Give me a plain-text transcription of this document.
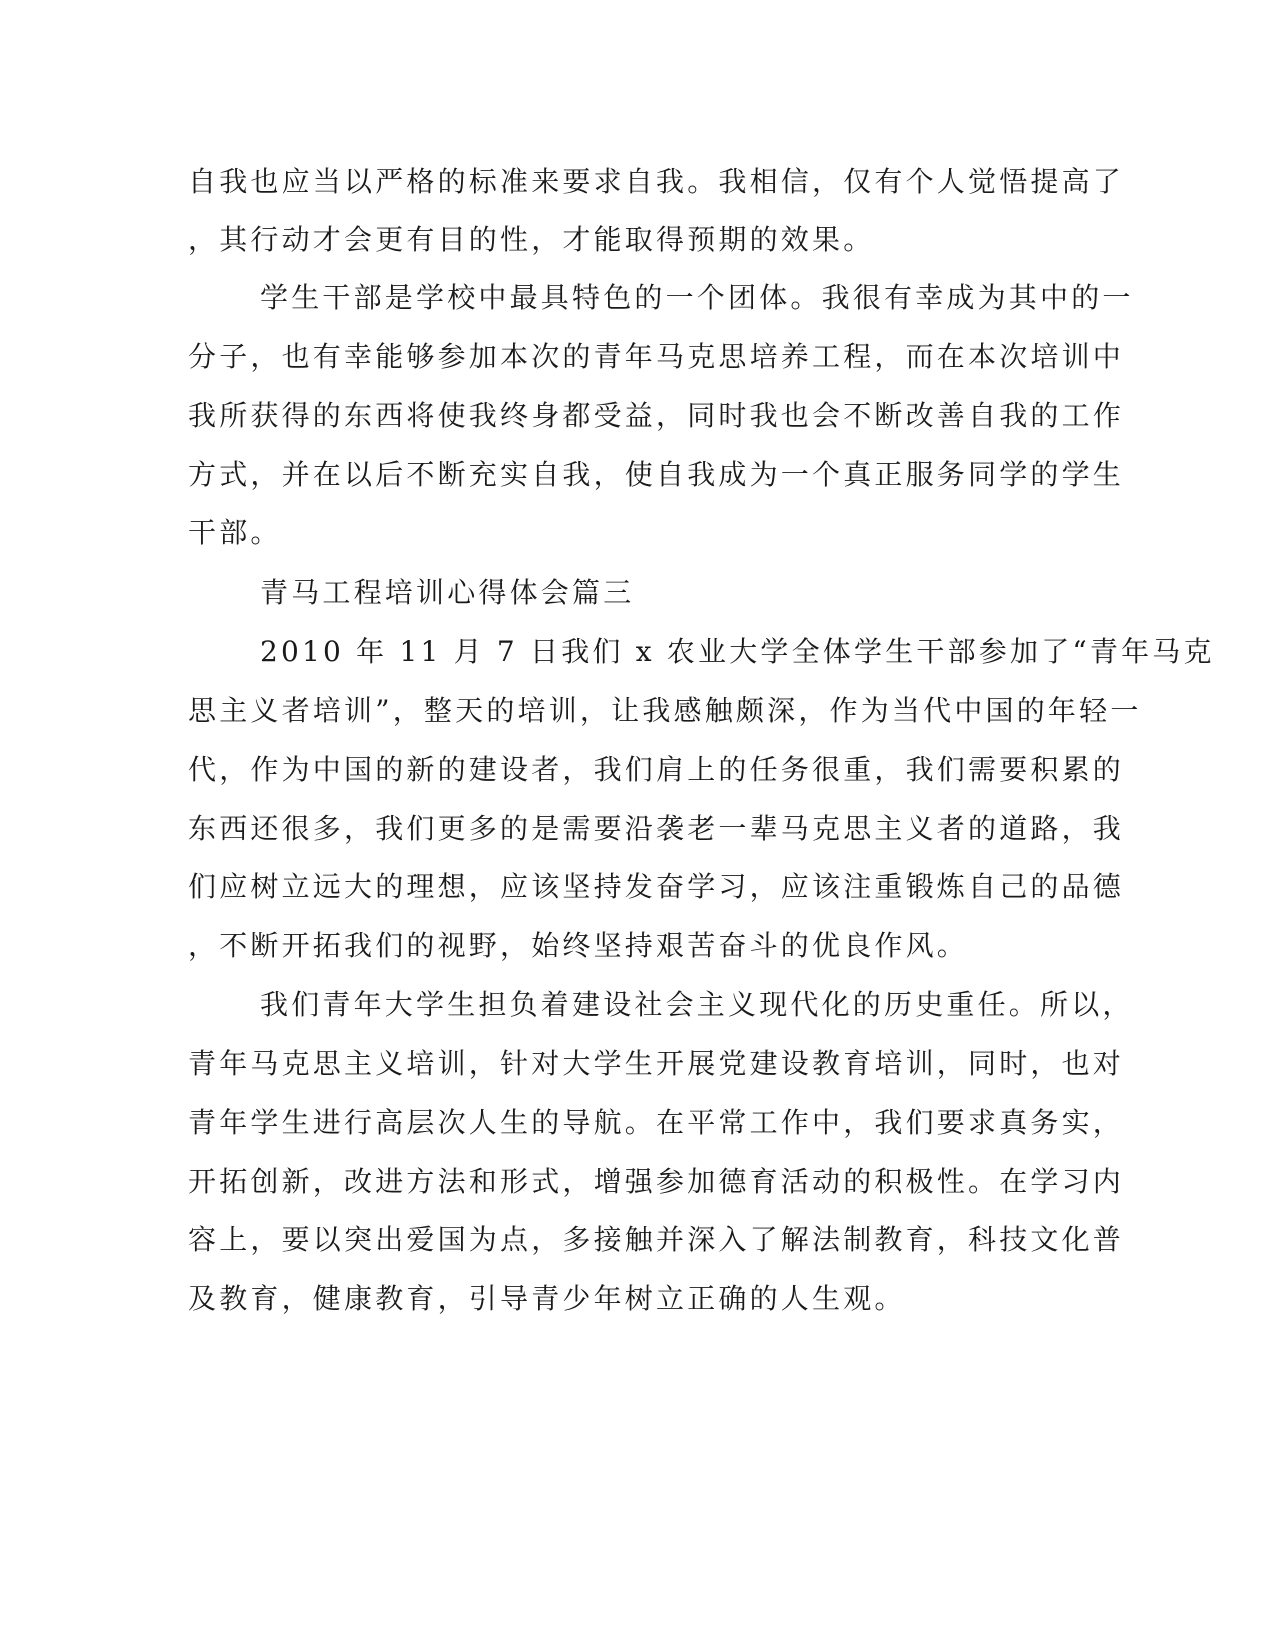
自我也应当以严格的标准来要求自我。我相信，仅有个人觉悟提高了
，其行动才会更有目的性，才能取得预期的效果。
学生干部是学校中最具特色的一个团体。我很有幸成为其中的一
分子，也有幸能够参加本次的青年马克思培养工程，而在本次培训中
我所获得的东西将使我终身都受益，同时我也会不断改善自我的工作
方式，并在以后不断充实自我，使自我成为一个真正服务同学的学生
干部。
青马工程培训心得体会篇三
2010 年 11 月 7 日我们 x 农业大学全体学生干部参加了“青年马克
思主义者培训”，整天的培训，让我感触颇深，作为当代中国的年轻一
代，作为中国的新的建设者，我们肩上的任务很重，我们需要积累的
东西还很多，我们更多的是需要沿袭老一辈马克思主义者的道路，我
们应树立远大的理想，应该坚持发奋学习，应该注重锻炼自己的品德
，不断开拓我们的视野，始终坚持艰苦奋斗的优良作风。
我们青年大学生担负着建设社会主义现代化的历史重任。所以，
青年马克思主义培训，针对大学生开展党建设教育培训，同时，也对
青年学生进行高层次人生的导航。在平常工作中，我们要求真务实，
开拓创新，改进方法和形式，增强参加德育活动的积极性。在学习内
容上，要以突出爱国为点，多接触并深入了解法制教育，科技文化普
及教育，健康教育，引导青少年树立正确的人生观。
